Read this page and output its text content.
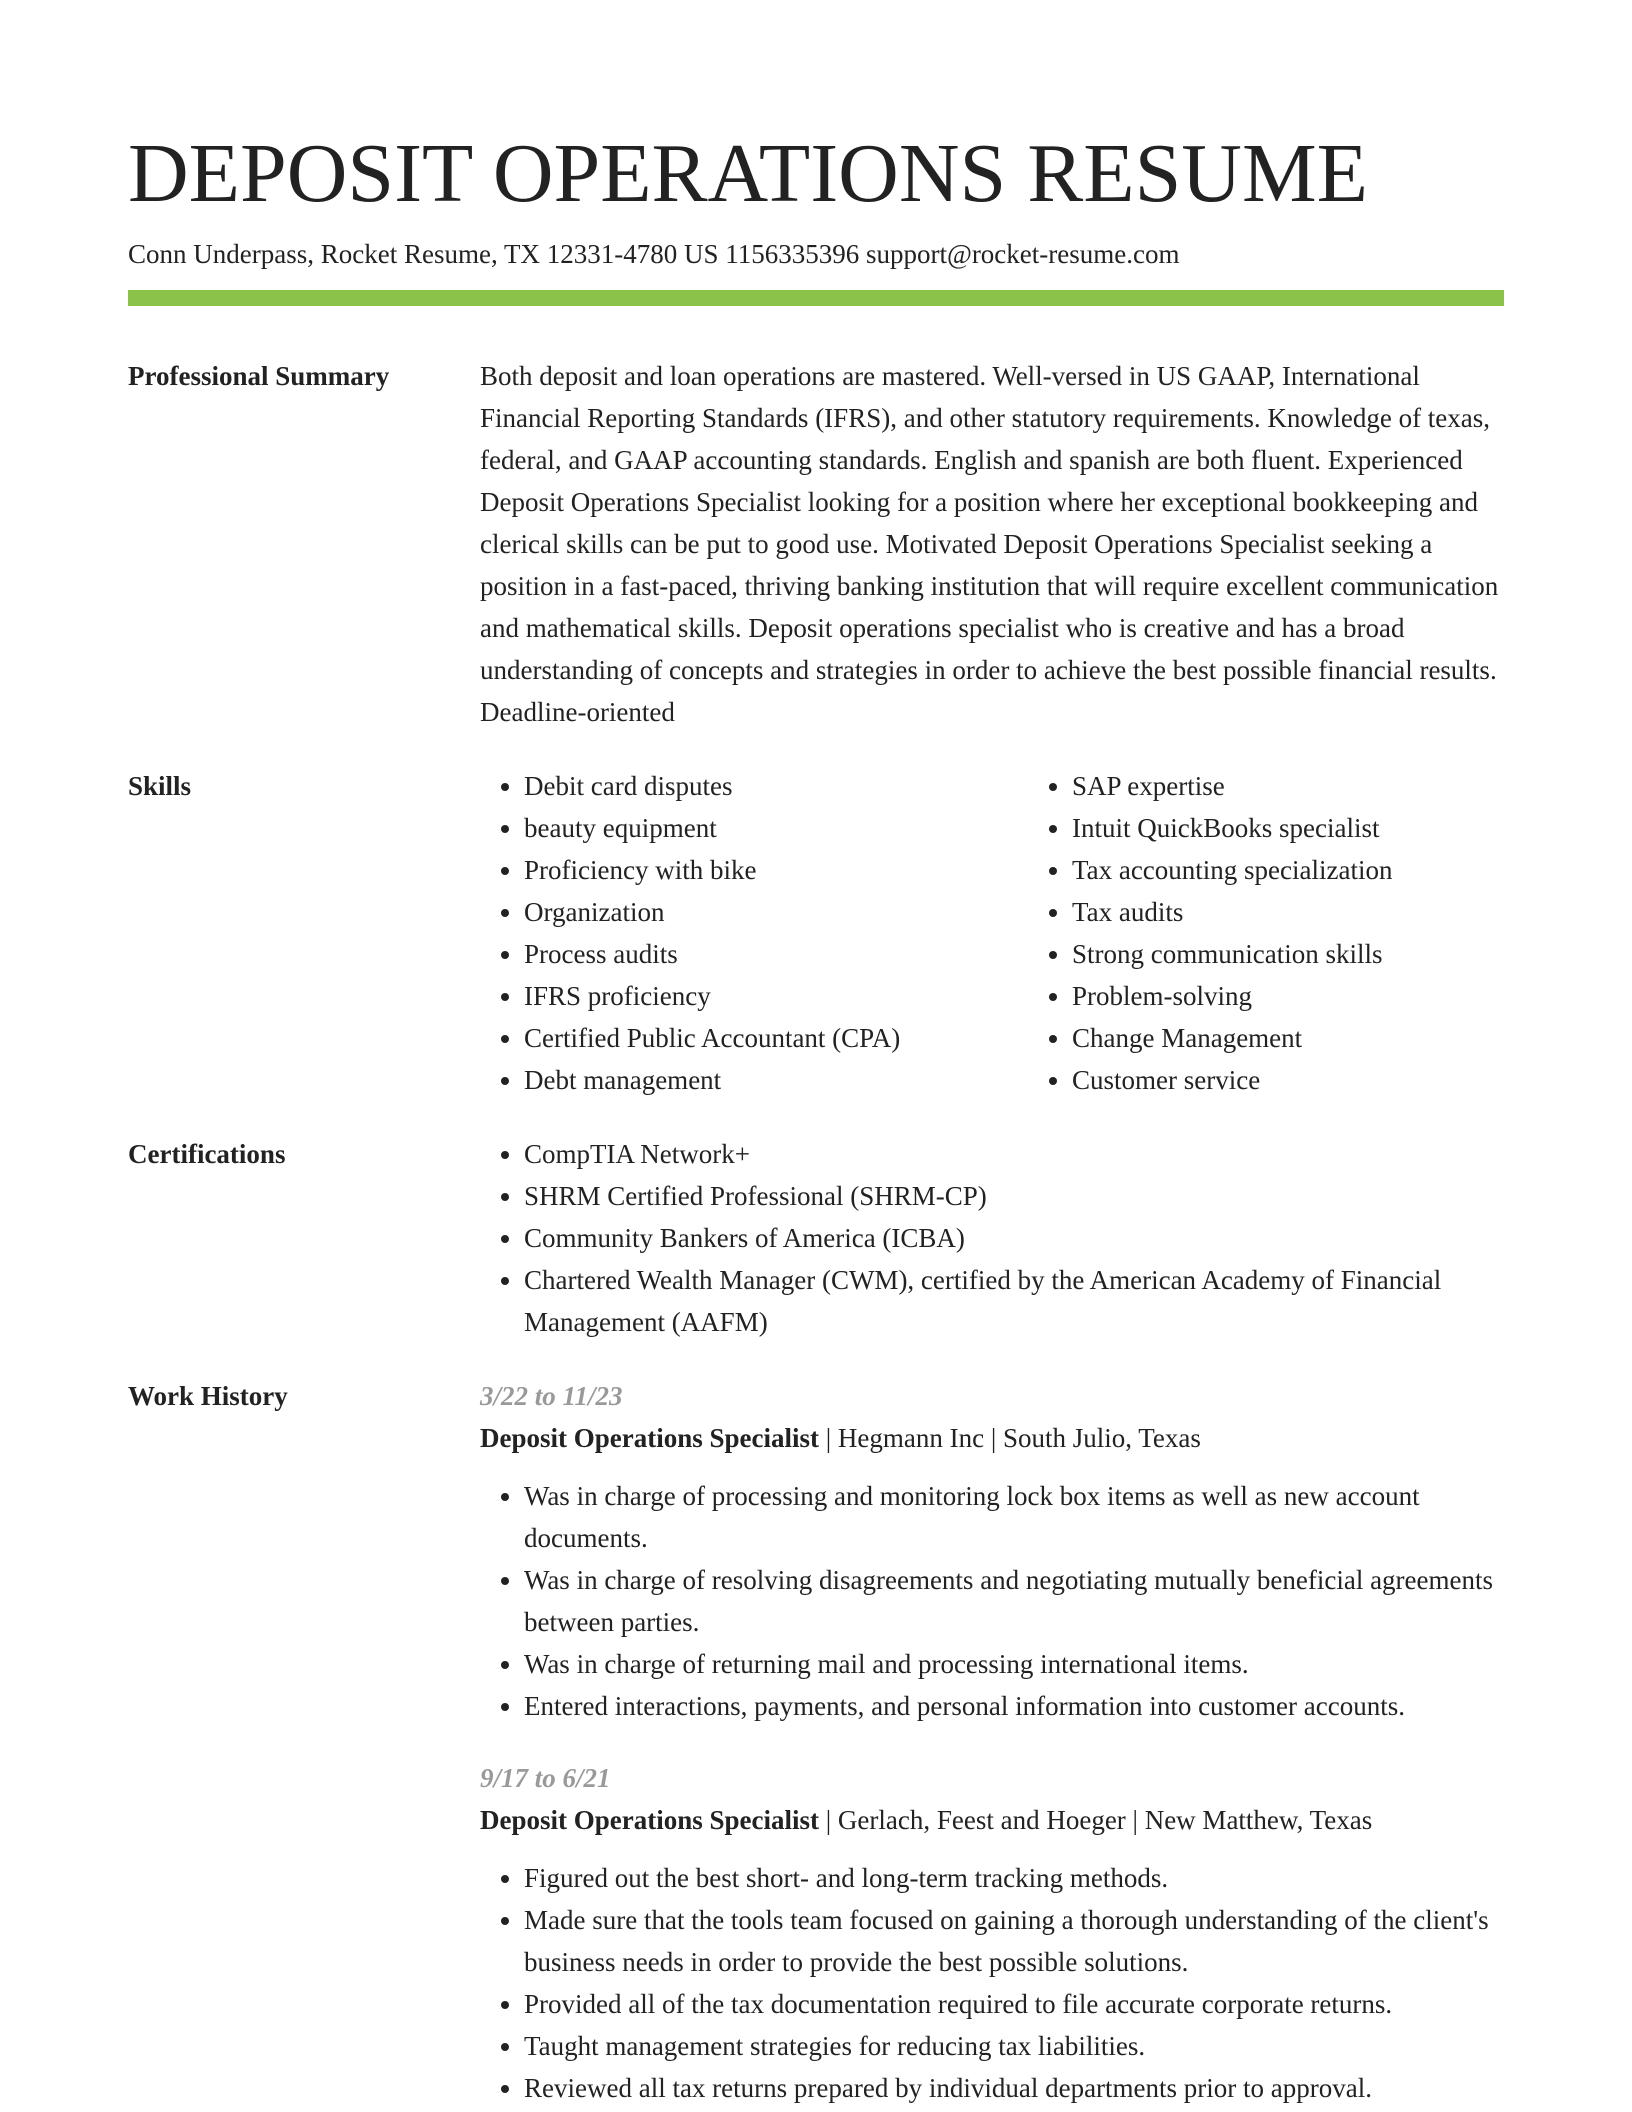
DEPOSIT OPERATIONS RESUME
Conn Underpass, Rocket Resume, TX 12331-4780 US 1156335396 support@rocket-resume.com
Professional Summary	Both deposit and loan operations are mastered. Well-versed in US GAAP, International Financial Reporting Standards (IFRS), and other statutory requirements. Knowledge of texas, federal, and GAAP accounting standards. English and spanish are both fluent. Experienced Deposit Operations Specialist looking for a position where her exceptional bookkeeping and clerical skills can be put to good use. Motivated Deposit Operations Specialist seeking a position in a fast-paced, thriving banking institution that will require excellent communication and mathematical skills. Deposit operations specialist who is creative and has a broad understanding of concepts and strategies in order to achieve the best possible financial results. Deadline-oriented
Skills	• Debit card disputes
• beauty equipment
• Proficiency with bike
• Organization
• Process audits
• IFRS proficiency
• Certified Public Accountant (CPA)
• Debt management
• SAP expertise
• Intuit QuickBooks specialist
• Tax accounting specialization
• Tax audits
• Strong communication skills
• Problem-solving
• Change Management
• Customer service
Certifications	• CompTIA Network+
• SHRM Certified Professional (SHRM-CP)
• Community Bankers of America (ICBA)
• Chartered Wealth Manager (CWM), certified by the American Academy of Financial Management (AAFM)
Work History	3/22 to 11/23
Deposit Operations Specialist | Hegmann Inc | South Julio, Texas
• Was in charge of processing and monitoring lock box items as well as new account documents.
• Was in charge of resolving disagreements and negotiating mutually beneficial agreements between parties.
• Was in charge of returning mail and processing international items.
• Entered interactions, payments, and personal information into customer accounts.
9/17 to 6/21
Deposit Operations Specialist | Gerlach, Feest and Hoeger | New Matthew, Texas
• Figured out the best short- and long-term tracking methods.
• Made sure that the tools team focused on gaining a thorough understanding of the client's business needs in order to provide the best possible solutions.
• Provided all of the tax documentation required to file accurate corporate returns.
• Taught management strategies for reducing tax liabilities.
• Reviewed all tax returns prepared by individual departments prior to approval.
